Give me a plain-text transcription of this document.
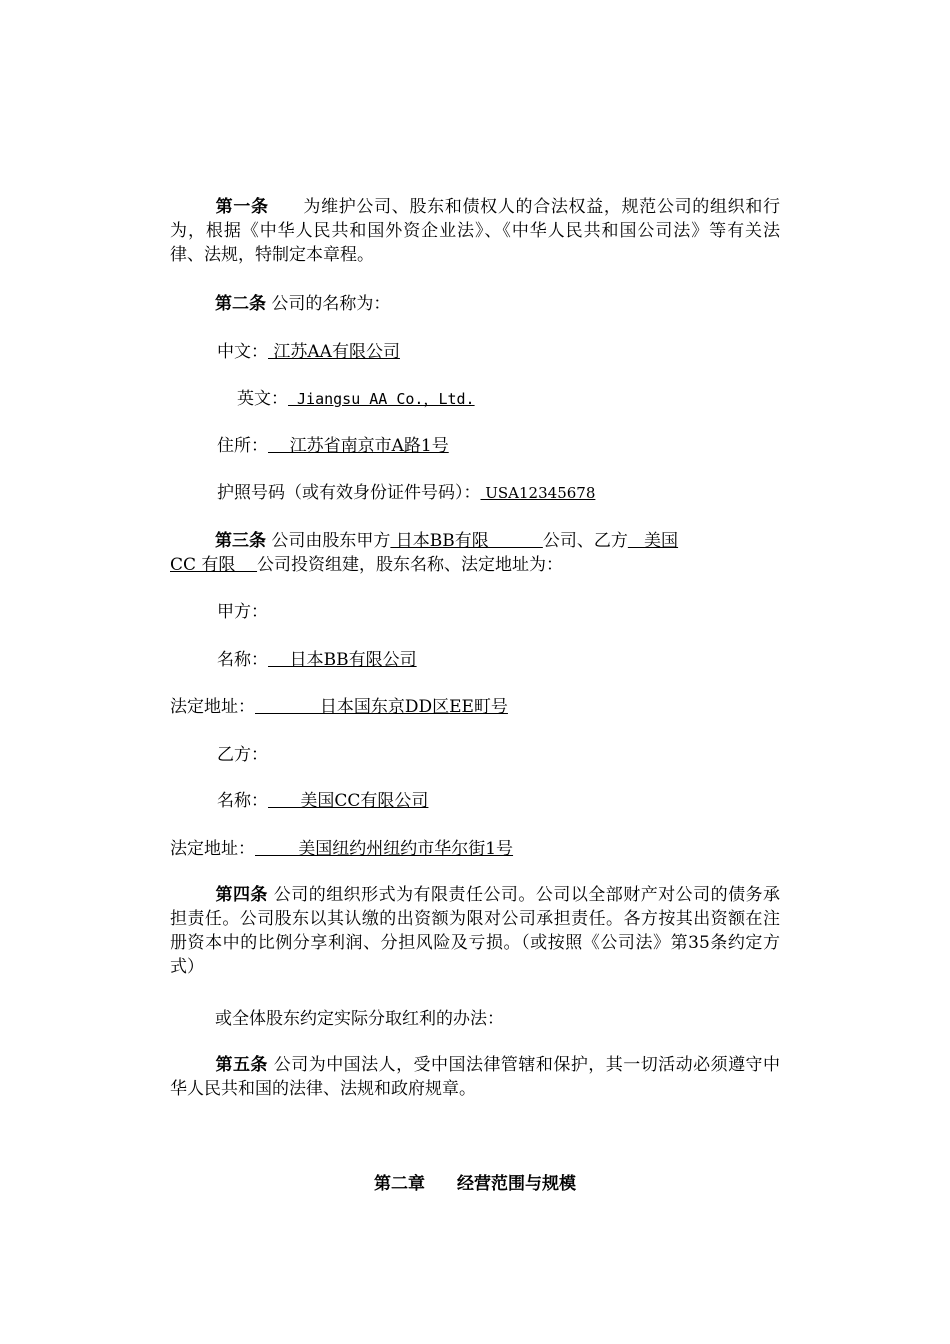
第一条 为维护公司、股东和债权人的合法权益，规范公司的组织和行为，根据《中华人民共和国外资企业法》、《中华人民共和国公司法》等有关法律、法规，特制定本章程。
第二条 公司的名称为：
中文： 江苏AA有限公司
英文： Jiangsu AA Co.，Ltd.
住所：    江苏省南京市A路1号
护照号码（或有效身份证件号码）： USA12345678
第三条 公司由股东甲方 日本BB有限          公司、乙方   美国
CC 有限    公司投资组建，股东名称、法定地址为：
甲方：
名称：    日本BB有限公司
法定地址：            日本国东京DD区EE町号
乙方：
名称：      美国CC有限公司
法定地址：        美国纽约州纽约市华尔街1号
第四条 公司的组织形式为有限责任公司。公司以全部财产对公司的债务承担责任。公司股东以其认缴的出资额为限对公司承担责任。各方按其出资额在注册资本中的比例分享利润、分担风险及亏损。（或按照《公司法》第35条约定方式）
或全体股东约定实际分取红利的办法：
第五条 公司为中国法人，受中国法律管辖和保护，其一切活动必须遵守中华人民共和国的法律、法规和政府规章。
第二章 经营范围与规模
